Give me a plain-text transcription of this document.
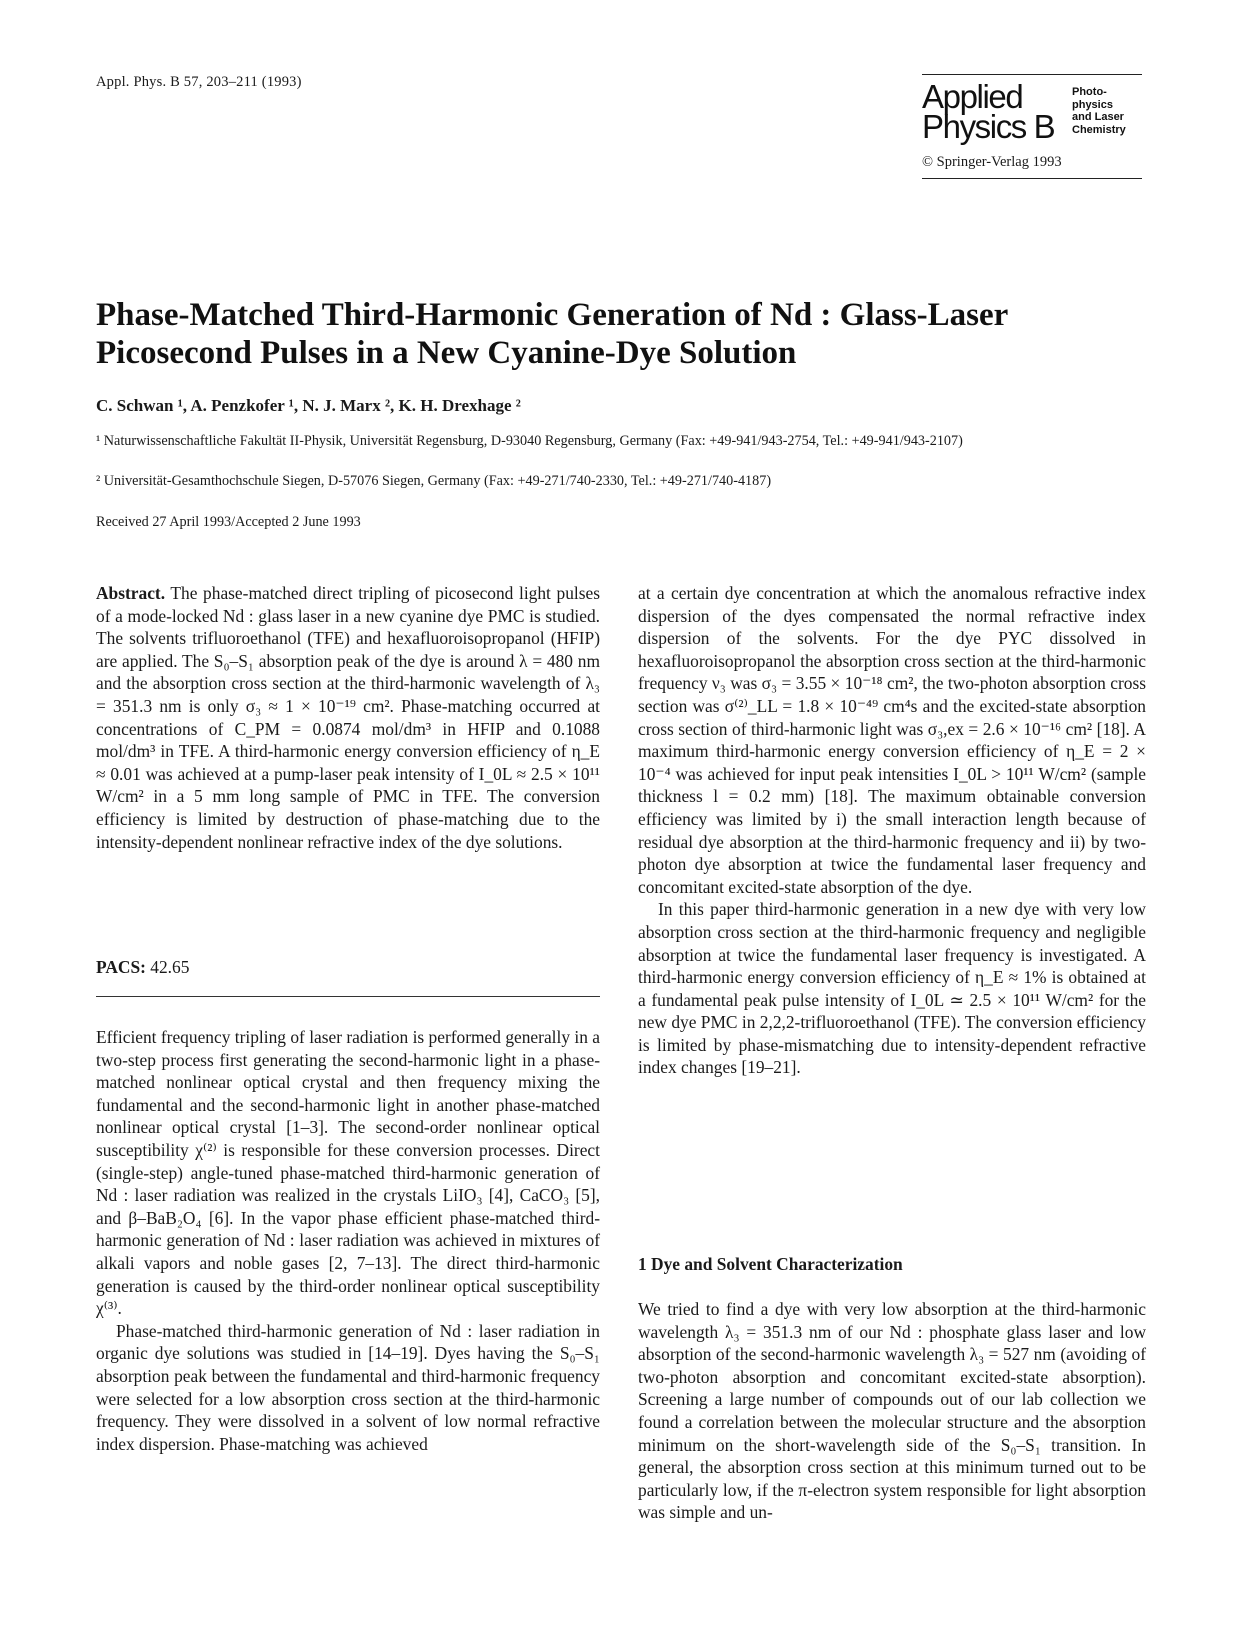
Appl. Phys. B 57, 203–211 (1993)	Applied
Physics B
Photo-
physics
and Laser
Chemistry
© Springer-Verlag 1993
Phase-Matched Third-Harmonic Generation of Nd : Glass-Laser
Picosecond Pulses in a New Cyanine-Dye Solution
C. Schwan ¹, A. Penzkofer ¹, N. J. Marx ², K. H. Drexhage ²
¹ Naturwissenschaftliche Fakultät II-Physik, Universität Regensburg, D-93040 Regensburg, Germany (Fax: +49-941/943-2754, Tel.: +49-941/943-2107)
² Universität-Gesamthochschule Siegen, D-57076 Siegen, Germany (Fax: +49-271/740-2330, Tel.: +49-271/740-4187)
Received 27 April 1993/Accepted 2 June 1993

Abstract. The phase-matched direct tripling of picosecond light pulses of a mode-locked Nd : glass laser in a new cyanine dye PMC is studied. The solvents trifluoroethanol (TFE) and hexafluoroisopropanol (HFIP) are applied. The S₀–S₁ absorption peak of the dye is around λ = 480 nm and the absorption cross section at the third-harmonic wavelength of λ₃ = 351.3 nm is only σ₃ ≈ 1 × 10⁻¹⁹ cm². Phase-matching occurred at concentrations of C_PM = 0.0874 mol/dm³ in HFIP and 0.1088 mol/dm³ in TFE. A third-harmonic energy conversion efficiency of η_E ≈ 0.01 was achieved at a pump-laser peak intensity of I_0L ≈ 2.5 × 10¹¹ W/cm² in a 5 mm long sample of PMC in TFE. The conversion efficiency is limited by destruction of phase-matching due to the intensity-dependent nonlinear refractive index of the dye solutions.

PACS: 42.65

Efficient frequency tripling of laser radiation is performed generally in a two-step process first generating the second-harmonic light in a phase-matched nonlinear optical crystal and then frequency mixing the fundamental and the second-harmonic light in another phase-matched nonlinear optical crystal [1–3]. The second-order nonlinear optical susceptibility χ⁽²⁾ is responsible for these conversion processes. Direct (single-step) angle-tuned phase-matched third-harmonic generation of Nd : laser radiation was realized in the crystals LiIO₃ [4], CaCO₃ [5], and β–BaB₂O₄ [6]. In the vapor phase efficient phase-matched third-harmonic generation of Nd : laser radiation was achieved in mixtures of alkali vapors and noble gases [2, 7–13]. The direct third-harmonic generation is caused by the third-order nonlinear optical susceptibility χ⁽³⁾.

Phase-matched third-harmonic generation of Nd : laser radiation in organic dye solutions was studied in [14–19]. Dyes having the S₀–S₁ absorption peak between the fundamental and third-harmonic frequency were selected for a low absorption cross section at the third-harmonic frequency. They were dissolved in a solvent of low normal refractive index dispersion. Phase-matching was achieved

at a certain dye concentration at which the anomalous refractive index dispersion of the dyes compensated the normal refractive index dispersion of the solvents. For the dye PYC dissolved in hexafluoroisopropanol the absorption cross section at the third-harmonic frequency ν₃ was σ₃ = 3.55 × 10⁻¹⁸ cm², the two-photon absorption cross section was σ⁽²⁾_LL = 1.8 × 10⁻⁴⁹ cm⁴s and the excited-state absorption cross section of third-harmonic light was σ₃,ex = 2.6 × 10⁻¹⁶ cm² [18]. A maximum third-harmonic energy conversion efficiency of η_E = 2 × 10⁻⁴ was achieved for input peak intensities I_0L > 10¹¹ W/cm² (sample thickness l = 0.2 mm) [18]. The maximum obtainable conversion efficiency was limited by i) the small interaction length because of residual dye absorption at the third-harmonic frequency and ii) by two-photon dye absorption at twice the fundamental laser frequency and concomitant excited-state absorption of the dye.

In this paper third-harmonic generation in a new dye with very low absorption cross section at the third-harmonic frequency and negligible absorption at twice the fundamental laser frequency is investigated. A third-harmonic energy conversion efficiency of η_E ≈ 1% is obtained at a fundamental peak pulse intensity of I_0L ≃ 2.5 × 10¹¹ W/cm² for the new dye PMC in 2,2,2-trifluoroethanol (TFE). The conversion efficiency is limited by phase-mismatching due to intensity-dependent refractive index changes [19–21].

1 Dye and Solvent Characterization

We tried to find a dye with very low absorption at the third-harmonic wavelength λ₃ = 351.3 nm of our Nd : phosphate glass laser and low absorption of the second-harmonic wavelength λ₃ = 527 nm (avoiding of two-photon absorption and concomitant excited-state absorption). Screening a large number of compounds out of our lab collection we found a correlation between the molecular structure and the absorption minimum on the short-wavelength side of the S₀–S₁ transition. In general, the absorption cross section at this minimum turned out to be particularly low, if the π-electron system responsible for light absorption was simple and un-
